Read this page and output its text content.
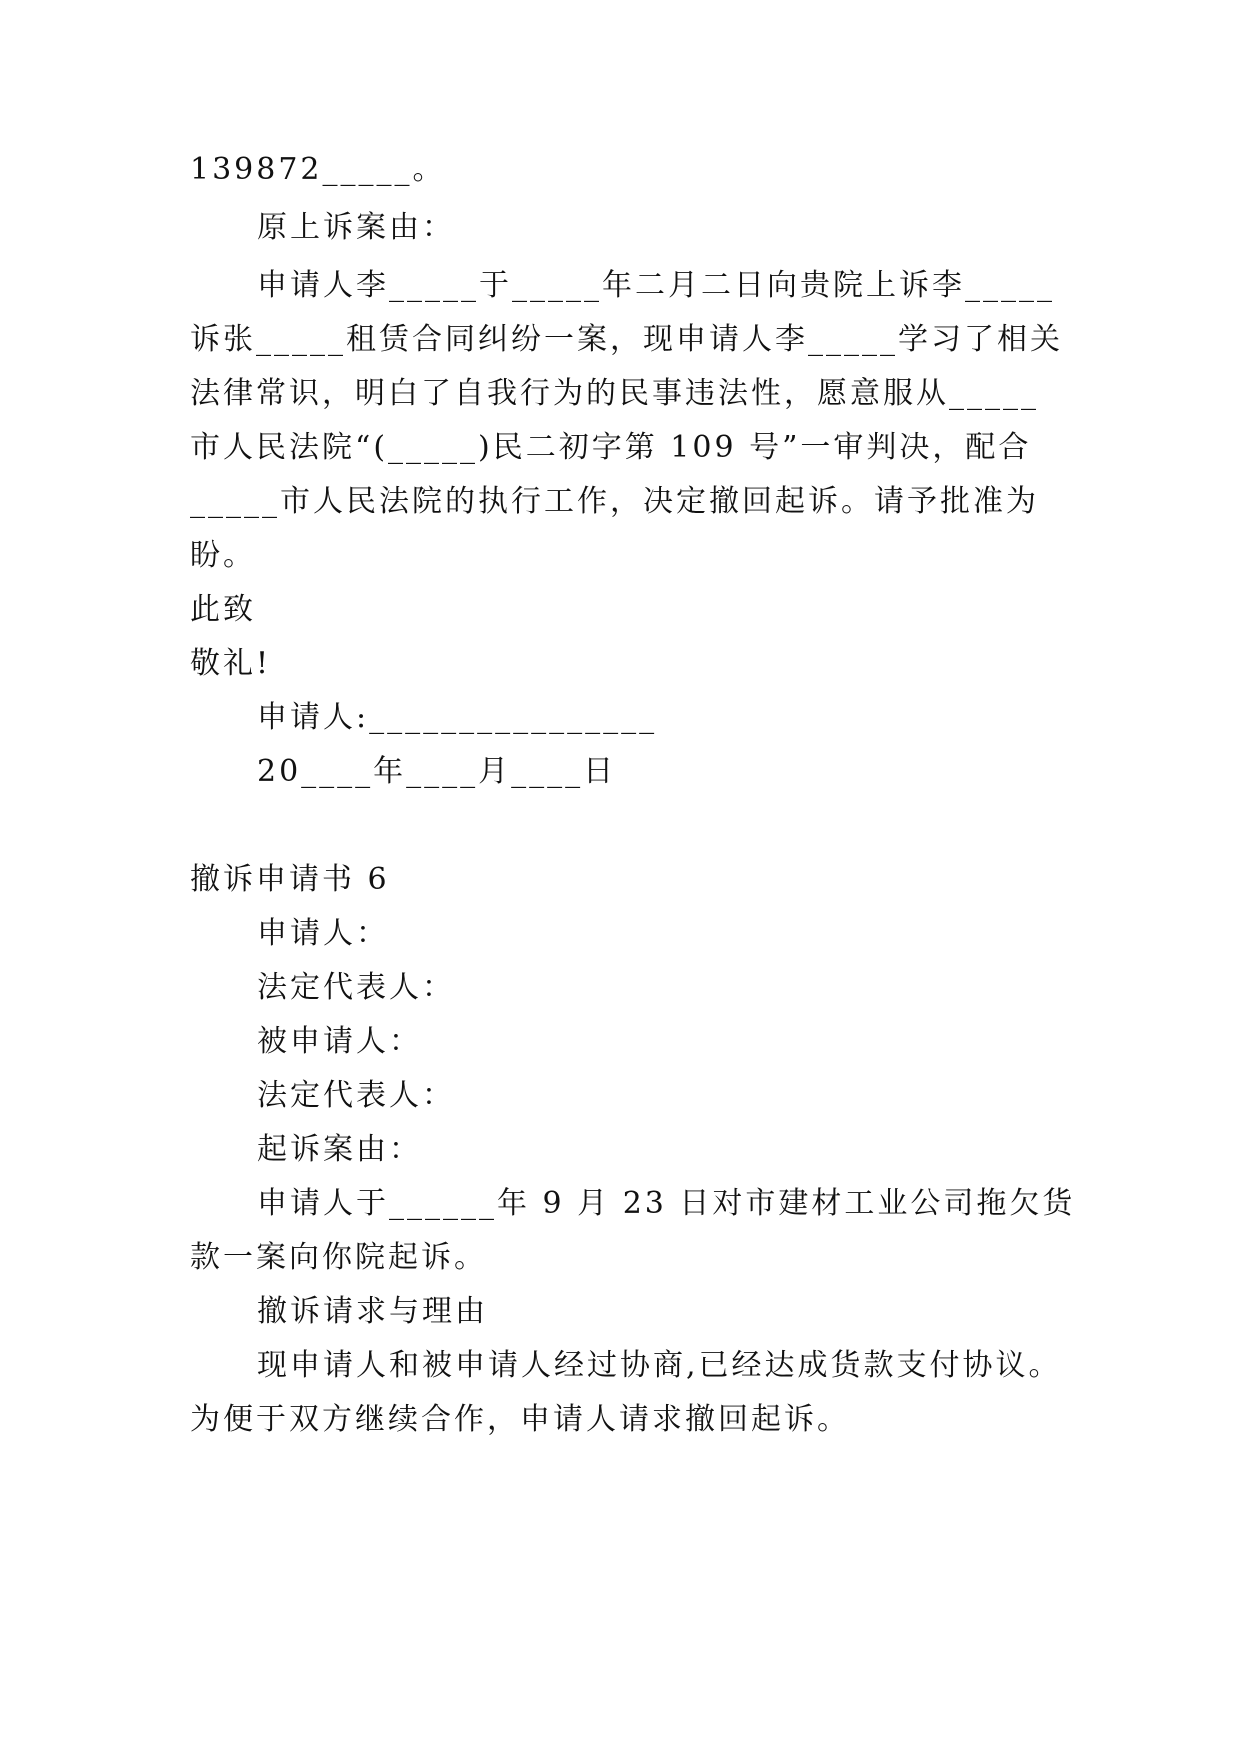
139872_____。
原上诉案由：
申请人李_____于_____年二月二日向贵院上诉李_____
诉张_____租赁合同纠纷一案，现申请人李_____学习了相关
法律常识，明白了自我行为的民事违法性，愿意服从_____
市人民法院“(_____)民二初字第 109 号”一审判决，配合
_____市人民法院的执行工作，决定撤回起诉。请予批准为
盼。
此致
敬礼!
申请人:________________
20____年____月____日
撤诉申请书 6
申请人：
法定代表人：
被申请人：
法定代表人：
起诉案由：
申请人于______年 9 月 23 日对市建材工业公司拖欠货
款一案向你院起诉。
撤诉请求与理由
现申请人和被申请人经过协商,已经达成货款支付协议。
为便于双方继续合作，申请人请求撤回起诉。
